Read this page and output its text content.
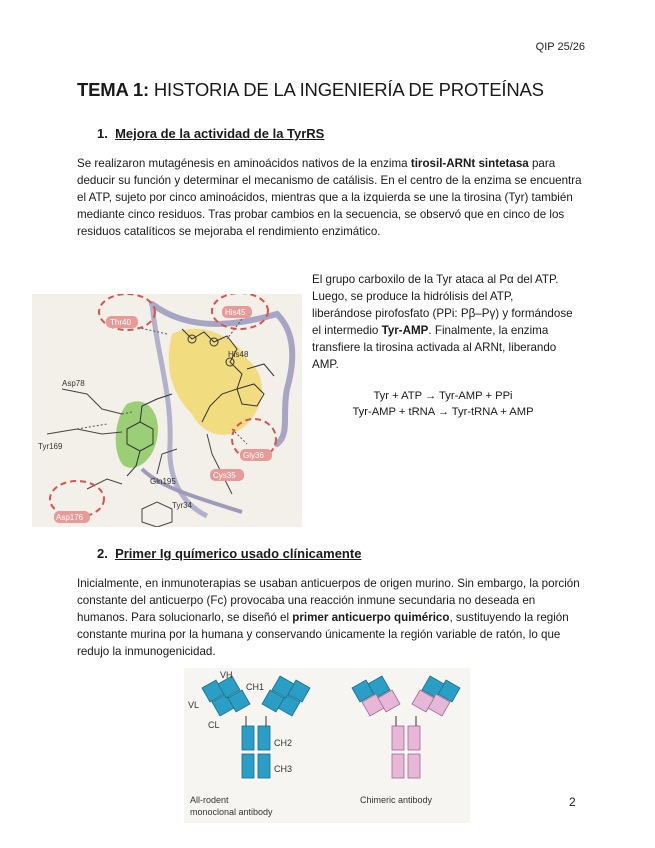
QIP 25/26
TEMA 1: HISTORIA DE LA INGENIERÍA DE PROTEÍNAS
1. Mejora de la actividad de la TyrRS
Se realizaron mutagénesis en aminoácidos nativos de la enzima tirosil-ARNt sintetasa para deducir su función y determinar el mecanismo de catálisis. En el centro de la enzima se encuentra el ATP, sujeto por cinco aminoácidos, mientras que a la izquierda se une la tirosina (Tyr) también mediante cinco residuos. Tras probar cambios en la secuencia, se observó que en cinco de los residuos catalíticos se mejoraba el rendimiento enzimático.
Thr40
His45
His48
Asp78
Tyr169
Gln195
Cys35
Gly36
Tyr34
Asp176
El grupo carboxilo de la Tyr ataca al Pα del ATP. Luego, se produce la hidrólisis del ATP, liberándose pirofosfato (PPi: Pβ–Pγ) y formándose el intermedio Tyr-AMP. Finalmente, la enzima transfiere la tirosina activada al ARNt, liberando AMP.
Tyr + ATP → Tyr-AMP + PPi
Tyr-AMP + tRNA → Tyr-tRNA + AMP
2. Primer Ig químerico usado clínicamente
Inicialmente, en inmunoterapias se usaban anticuerpos de origen murino. Sin embargo, la porción constante del anticuerpo (Fc) provocaba una reacción inmune secundaria no deseada en humanos. Para solucionarlo, se diseñó el primer anticuerpo quimérico, sustituyendo la región constante murina por la humana y conservando únicamente la región variable de ratón, lo que redujo la inmunogenicidad.
VH
VL
CH1
CL
CH2
CH3
All-rodent
monoclonal antibody
Chimeric antibody	2
